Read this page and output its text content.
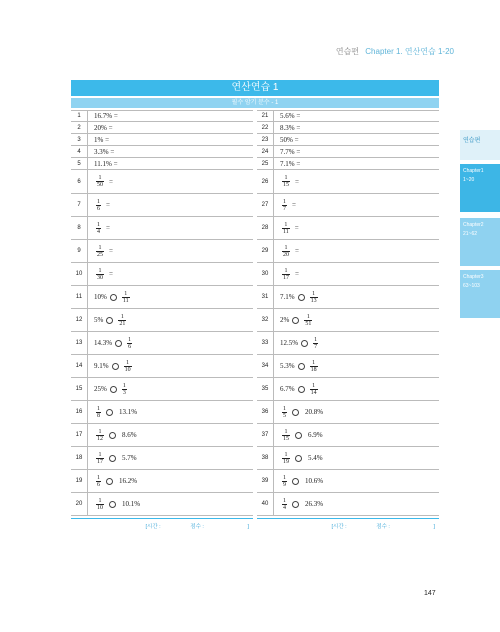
연습편 Chapter 1. 연산연습 1-20
연습편
Chapter1
1~20
Chapter2
21~62
Chapter3
63~103
연산연습 1
필수 암기 분수 - 1
1	16.7% =
2	20% =
3	1% =
4	3.3% =
5	11.1% =
6	$\frac{1}{50}$ =
7	$\frac{1}{6}$ =
8	$\frac{1}{4}$ =
9	$\frac{1}{25}$ =
10	$\frac{1}{30}$ =
11	10%	$\frac{1}{11}$
12	5%	$\frac{1}{21}$
13	14.3%	$\frac{1}{6}$
14	9.1%	$\frac{1}{10}$
15	25%	$\frac{1}{3}$
16	$\frac{1}{8}$	13.1%
17	$\frac{1}{12}$	8.6%
18	$\frac{1}{17}$	5.7%
19	$\frac{1}{6}$	16.2%
20	$\frac{1}{10}$	10.1%
21	5.6% =
22	8.3% =
23	50% =
24	7.7% =
25	7.1% =
26	$\frac{1}{15}$ =
27	$\frac{1}{7}$ =
28	$\frac{1}{11}$ =
29	$\frac{1}{20}$ =
30	$\frac{1}{17}$ =
31	7.1%	$\frac{1}{13}$
32	2%	$\frac{1}{51}$
33	12.5%	$\frac{1}{7}$
34	5.3%	$\frac{1}{18}$
35	6.7%	$\frac{1}{14}$
36	$\frac{1}{5}$	20.8%
37	$\frac{1}{15}$	6.9%
38	$\frac{1}{19}$	5.4%
39	$\frac{1}{9}$	10.6%
40	$\frac{1}{4}$	26.3%
[시간 :	점수 :	]	[시간 :	점수 :	]
147
